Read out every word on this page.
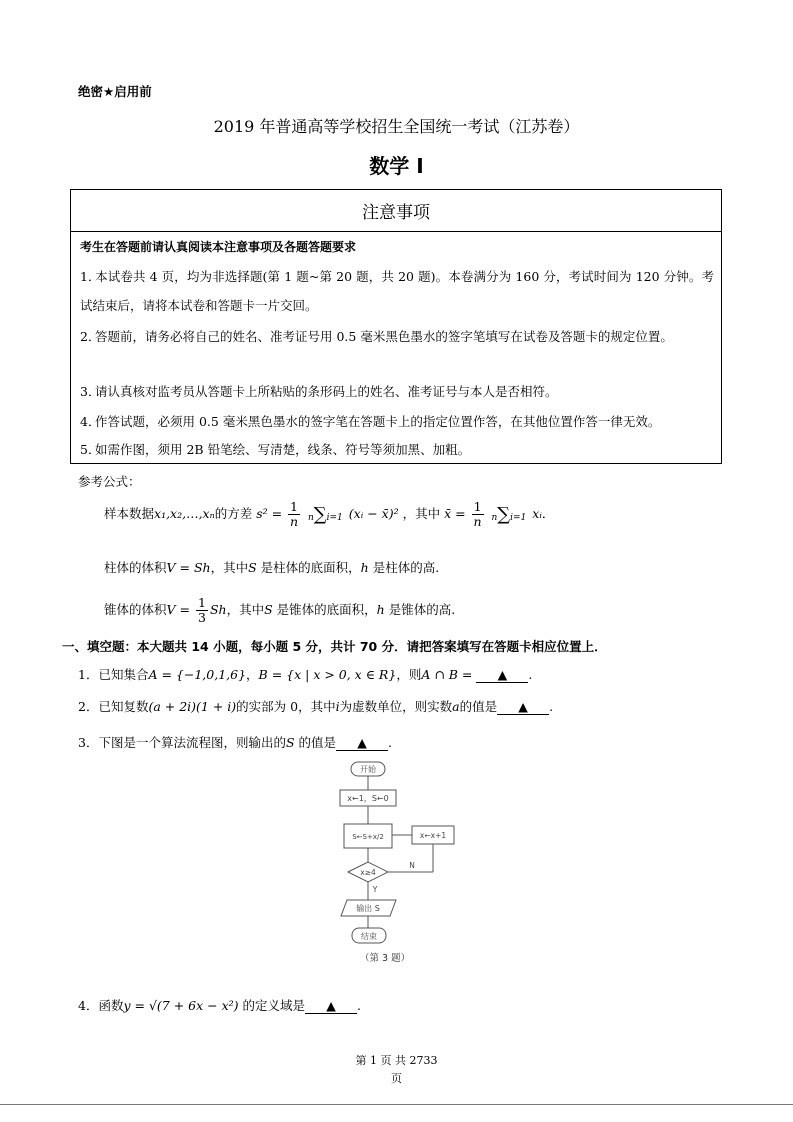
绝密★启用前
2019 年普通高等学校招生全国统一考试（江苏卷）
数学 I
注意事项
考生在答题前请认真阅读本注意事项及各题答题要求
1．本试卷共 4 页，均为非选择题(第 1 题~第 20 题，共 20 题)。本卷满分为 160 分，考试时间为 120 分钟。考试结束后，请将本试卷和答题卡一片交回。
2．答题前，请务必将自己的姓名、准考证号用 0.5 毫米黑色墨水的签字笔填写在试卷及答题卡的规定位置。
3．请认真核对监考员从答题卡上所粘贴的条形码上的姓名、准考证号与本人是否相符。
4．作答试题，必须用 0.5 毫米黑色墨水的签字笔在答题卡上的指定位置作答，在其他位置作答一律无效。
5．如需作图，须用 2B 铅笔绘、写清楚，线条、符号等须加黑、加粗。
参考公式：
样本数据x₁,x₂,…,xₙ的方差 $s^2 = \frac{1}{n} n\sum i=1$ (xᵢ − x̄)² ，其中 x̄ = $\frac{1}{n} n\sum i=1$ xᵢ．
柱体的体积V = Sh，其中S 是柱体的底面积，h 是柱体的高.
锥体的体积$V = \frac{1}{3}$ Sh，其中S 是锥体的底面积，h 是锥体的高.
一、填空题：本大题共 14 小题，每小题 5 分，共计 70 分．请把答案填写在答题卡相应位置上．
1．已知集合A = {−1,0,1,6}，B = {x | x > 0, x ∈ R}，则A ∩ B = ▲ .
2．已知复数(a + 2i)(1 + i)的实部为 0，其中i为虚数单位，则实数a的值是 ▲ .
3．下图是一个算法流程图，则输出的S 的值是 ▲ .
开始
x←1，S←0
S←S+x/2	x←x+1
x≥4
N
Y
输出 S
结束
（第 3 题）
4．函数y = √(7 + 6x − x²) 的定义域是 ▲ .
第 1 页 共 2733
页
